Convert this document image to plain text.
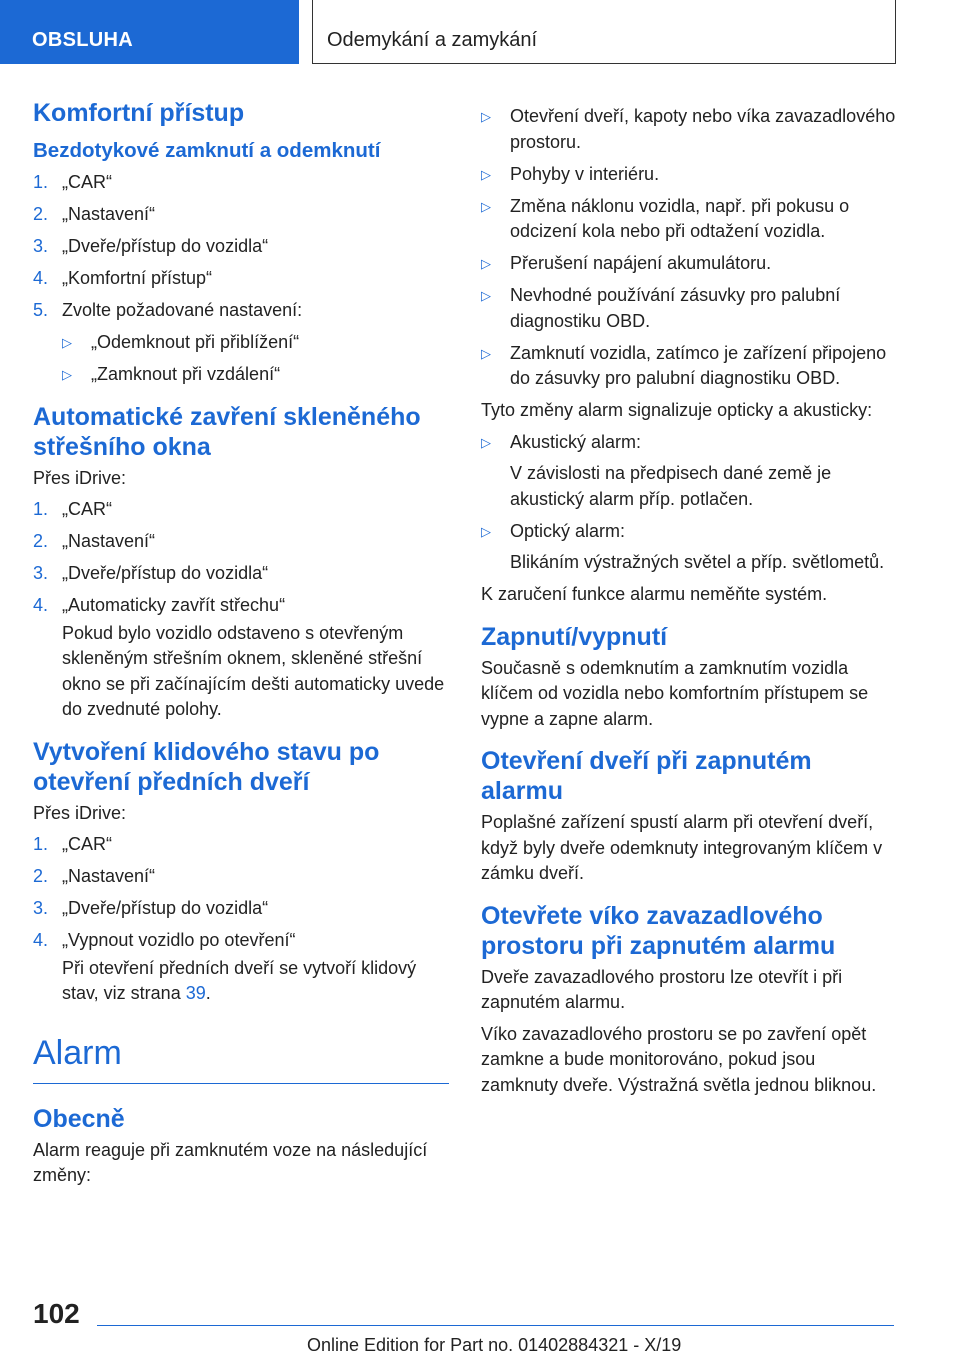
OBSLUHA	Odemykání a zamykání
Komfortní přístup
Bezdotykové zamknutí a odemknutí
1. „CAR“
2. „Nastavení“
3. „Dveře/přístup do vozidla“
4. „Komfortní přístup“
5. Zvolte požadované nastavení:
▷ „Odemknout při přiblížení“
▷ „Zamknout při vzdálení“
Automatické zavření skleněného střešního okna

Přes iDrive:

1. „CAR“
2. „Nastavení“
3. „Dveře/přístup do vozidla“
4. „Automaticky zavřít střechu“
Pokud bylo vozidlo odstaveno s otevřeným skleněným střešním oknem, skleněné střešní okno se při začínajícím dešti automaticky uvede do zvednuté polohy.
Vytvoření klidového stavu po otevření předních dveří

Přes iDrive:

1. „CAR“
2. „Nastavení“
3. „Dveře/přístup do vozidla“
4. „Vypnout vozidlo po otevření“
Při otevření předních dveří se vytvoří klidový stav, viz strana 39.
Alarm
Obecně

Alarm reaguje při zamknutém voze na následující změny:

▷ Otevření dveří, kapoty nebo víka zavazadlového prostoru.
▷ Pohyby v interiéru.
▷ Změna náklonu vozidla, např. při pokusu o odcizení kola nebo při odtažení vozidla.
▷ Přerušení napájení akumulátoru.
▷ Nevhodné používání zásuvky pro palubní diagnostiku OBD.
▷ Zamknutí vozidla, zatímco je zařízení připojeno do zásuvky pro palubní diagnostiku OBD.

Tyto změny alarm signalizuje opticky a akusticky:

▷ Akustický alarm:
V závislosti na předpisech dané země je akustický alarm příp. potlačen.
▷ Optický alarm:
Blikáním výstražných světel a příp. světlometů.

K zaručení funkce alarmu neměňte systém.

Zapnutí/vypnutí

Současně s odemknutím a zamknutím vozidla klíčem od vozidla nebo komfortním přístupem se vypne a zapne alarm.

Otevření dveří při zapnutém alarmu

Poplašné zařízení spustí alarm při otevření dveří, když byly dveře odemknuty integrovaným klíčem v zámku dveří.

Otevřete víko zavazadlového prostoru při zapnutém alarmu

Dveře zavazadlového prostoru lze otevřít i při zapnutém alarmu.

Víko zavazadlového prostoru se po zavření opět zamkne a bude monitorováno, pokud jsou zamknuty dveře. Výstražná světla jednou bliknou.

102
Online Edition for Part no. 01402884321 - X/19
